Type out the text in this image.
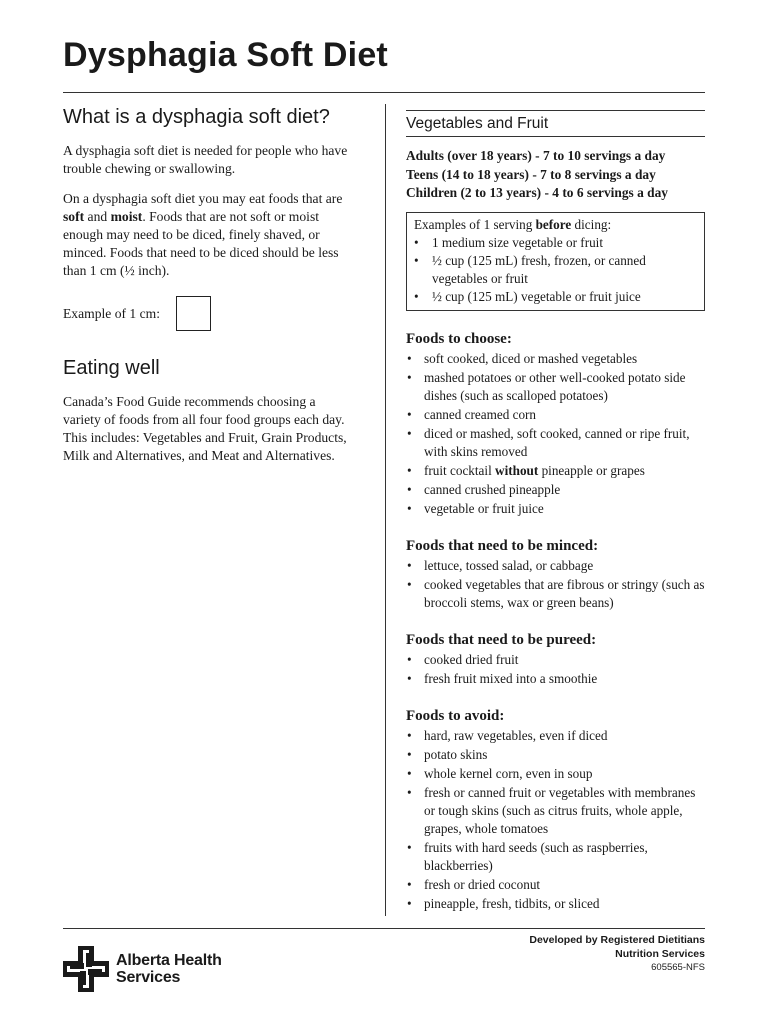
Dysphagia Soft Diet
What is a dysphagia soft diet?

A dysphagia soft diet is needed for people who have trouble chewing or swallowing.

On a dysphagia soft diet you may eat foods that are soft and moist. Foods that are not soft or moist enough may need to be diced, finely shaved, or minced. Foods that need to be diced should be less than 1 cm (½ inch).

Example of 1 cm:
Eating well

Canada’s Food Guide recommends choosing a variety of foods from all four food groups each day. This includes: Vegetables and Fruit, Grain Products, Milk and Alternatives, and Meat and Alternatives.

Vegetables and Fruit
Adults (over 18 years) - 7 to 10 servings a day
Teens (14 to 18 years) - 7 to 8 servings a day
Children (2 to 13 years) - 4 to 6 servings a day
Examples of 1 serving before dicing:
• 1 medium size vegetable or fruit
• ½ cup (125 mL) fresh, frozen, or canned vegetables or fruit
• ½ cup (125 mL) vegetable or fruit juice
Foods to choose:
• soft cooked, diced or mashed vegetables
• mashed potatoes or other well-cooked potato side dishes (such as scalloped potatoes)
• canned creamed corn
• diced or mashed, soft cooked, canned or ripe fruit, with skins removed
• fruit cocktail without pineapple or grapes
• canned crushed pineapple
• vegetable or fruit juice
Foods that need to be minced:
• lettuce, tossed salad, or cabbage
• cooked vegetables that are fibrous or stringy (such as broccoli stems, wax or green beans)
Foods that need to be pureed:
• cooked dried fruit
• fresh fruit mixed into a smoothie
Foods to avoid:
• hard, raw vegetables, even if diced
• potato skins
• whole kernel corn, even in soup
• fresh or canned fruit or vegetables with membranes or tough skins (such as citrus fruits, whole apple, grapes, whole tomatoes
• fruits with hard seeds (such as raspberries, blackberries)
• fresh or dried coconut
• pineapple, fresh, tidbits, or sliced
Alberta Health
Services
Developed by Registered Dietitians
Nutrition Services
605565-NFS
